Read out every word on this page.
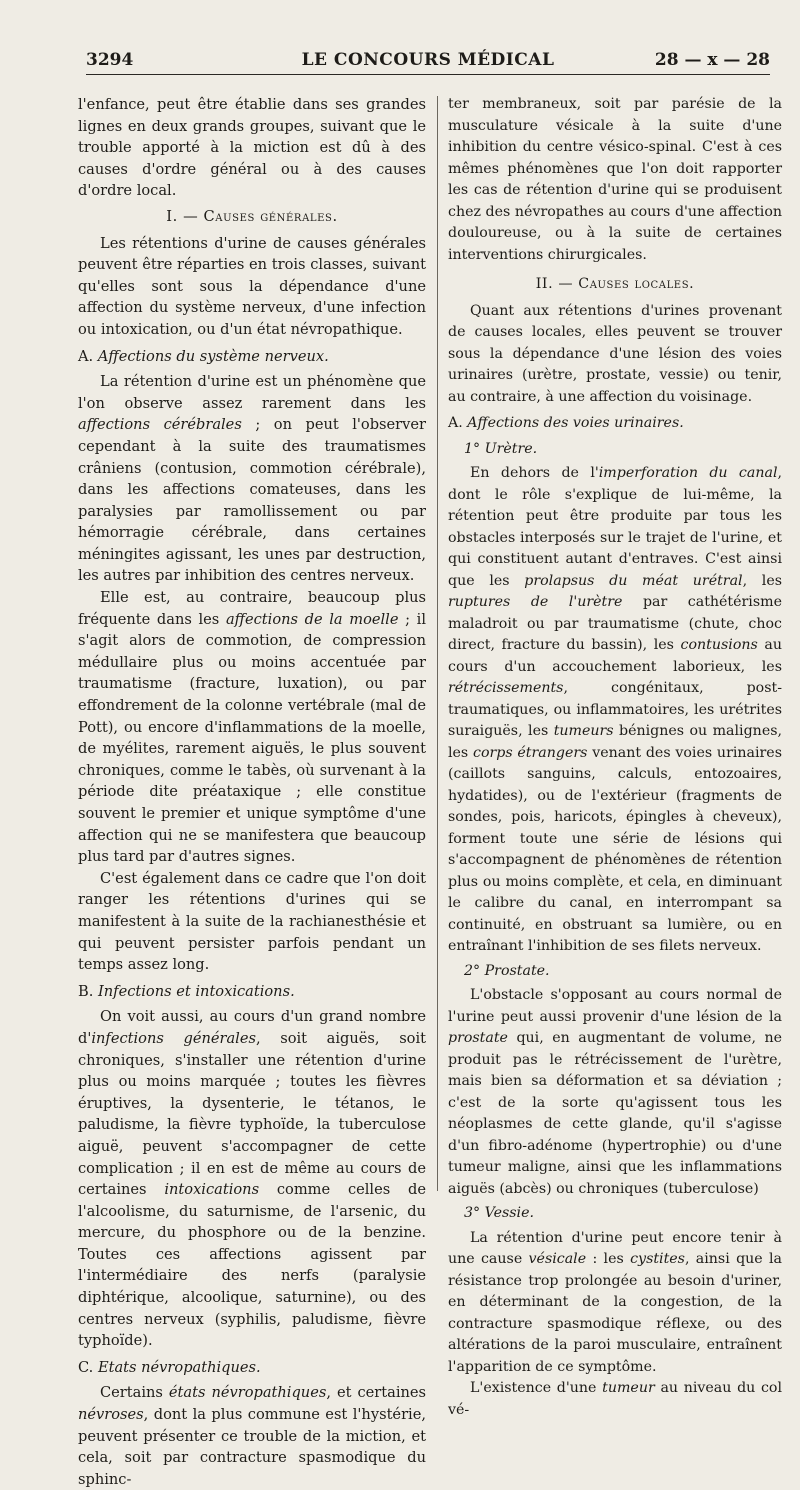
3294	LE CONCOURS MÉDICAL	28 — x — 28

l'enfance, peut être établie dans ses grandes lignes en deux grands groupes, suivant que le trouble apporté à la miction est dû à des causes d'ordre général ou à des causes d'ordre local.

I. — Causes générales.

Les rétentions d'urine de causes générales peuvent être réparties en trois classes, suivant qu'elles sont sous la dépendance d'une affection du système nerveux, d'une infection ou intoxication, ou d'un état névropathique.

A. Affections du système nerveux.

La rétention d'urine est un phénomène que l'on observe assez rarement dans les affections cérébrales ; on peut l'observer cependant à la suite des traumatismes crâniens (contusion, commotion cérébrale), dans les affections comateuses, dans les paralysies par ramollissement ou par hémorragie cérébrale, dans certaines méningites agissant, les unes par destruction, les autres par inhibition des centres nerveux.

Elle est, au contraire, beaucoup plus fréquente dans les affections de la moelle ; il s'agit alors de commotion, de compression médullaire plus ou moins accentuée par traumatisme (fracture, luxation), ou par effondrement de la colonne vertébrale (mal de Pott), ou encore d'inflammations de la moelle, de myélites, rarement aiguës, le plus souvent chroniques, comme le tabès, où survenant à la période dite préataxique ; elle constitue souvent le premier et unique symptôme d'une affection qui ne se manifestera que beaucoup plus tard par d'autres signes.

C'est également dans ce cadre que l'on doit ranger les rétentions d'urines qui se manifestent à la suite de la rachianesthésie et qui peuvent persister parfois pendant un temps assez long.

B. Infections et intoxications.

On voit aussi, au cours d'un grand nombre d'infections générales, soit aiguës, soit chroniques, s'installer une rétention d'urine plus ou moins marquée ; toutes les fièvres éruptives, la dysenterie, le tétanos, le paludisme, la fièvre typhoïde, la tuberculose aiguë, peuvent s'accompagner de cette complication ; il en est de même au cours de certaines intoxications comme celles de l'alcoolisme, du saturnisme, de l'arsenic, du mercure, du phosphore ou de la benzine. Toutes ces affections agissent par l'intermédiaire des nerfs (paralysie diphtérique, alcoolique, saturnine), ou des centres nerveux (syphilis, paludisme, fièvre typhoïde).

C. Etats névropathiques.

Certains états névropathiques, et certaines névroses, dont la plus commune est l'hystérie, peuvent présenter ce trouble de la miction, et cela, soit par contracture spasmodique du sphinc-

ter membraneux, soit par parésie de la musculature vésicale à la suite d'une inhibition du centre vésico-spinal. C'est à ces mêmes phénomènes que l'on doit rapporter les cas de rétention d'urine qui se produisent chez des névropathes au cours d'une affection douloureuse, ou à la suite de certaines interventions chirurgicales.

II. — Causes locales.

Quant aux rétentions d'urines provenant de causes locales, elles peuvent se trouver sous la dépendance d'une lésion des voies urinaires (urètre, prostate, vessie) ou tenir, au contraire, à une affection du voisinage.

A. Affections des voies urinaires.
1° Urètre.

En dehors de l'imperforation du canal, dont le rôle s'explique de lui-même, la rétention peut être produite par tous les obstacles interposés sur le trajet de l'urine, et qui constituent autant d'entraves. C'est ainsi que les prolapsus du méat urétral, les ruptures de l'urètre par cathétérisme maladroit ou par traumatisme (chute, choc direct, fracture du bassin), les contusions au cours d'un accouchement laborieux, les rétrécissements, congénitaux, post-traumatiques, ou inflammatoires, les urétrites suraiguës, les tumeurs bénignes ou malignes, les corps étrangers venant des voies urinaires (caillots sanguins, calculs, entozoaires, hydatides), ou de l'extérieur (fragments de sondes, pois, haricots, épingles à cheveux), forment toute une série de lésions qui s'accompagnent de phénomènes de rétention plus ou moins complète, et cela, en diminuant le calibre du canal, en interrompant sa continuité, en obstruant sa lumière, ou en entraînant l'inhibition de ses filets nerveux.

2° Prostate.

L'obstacle s'opposant au cours normal de l'urine peut aussi provenir d'une lésion de la prostate qui, en augmentant de volume, ne produit pas le rétrécissement de l'urètre, mais bien sa déformation et sa déviation ; c'est de la sorte qu'agissent tous les néoplasmes de cette glande, qu'il s'agisse d'un fibro-adénome (hypertrophie) ou d'une tumeur maligne, ainsi que les inflammations aiguës (abcès) ou chroniques (tuberculose)

3° Vessie.

La rétention d'urine peut encore tenir à une cause vésicale : les cystites, ainsi que la résistance trop prolongée au besoin d'uriner, en déterminant de la congestion, de la contracture spasmodique réflexe, ou des altérations de la paroi musculaire, entraînent l'apparition de ce symptôme.

L'existence d'une tumeur au niveau du col vé-
